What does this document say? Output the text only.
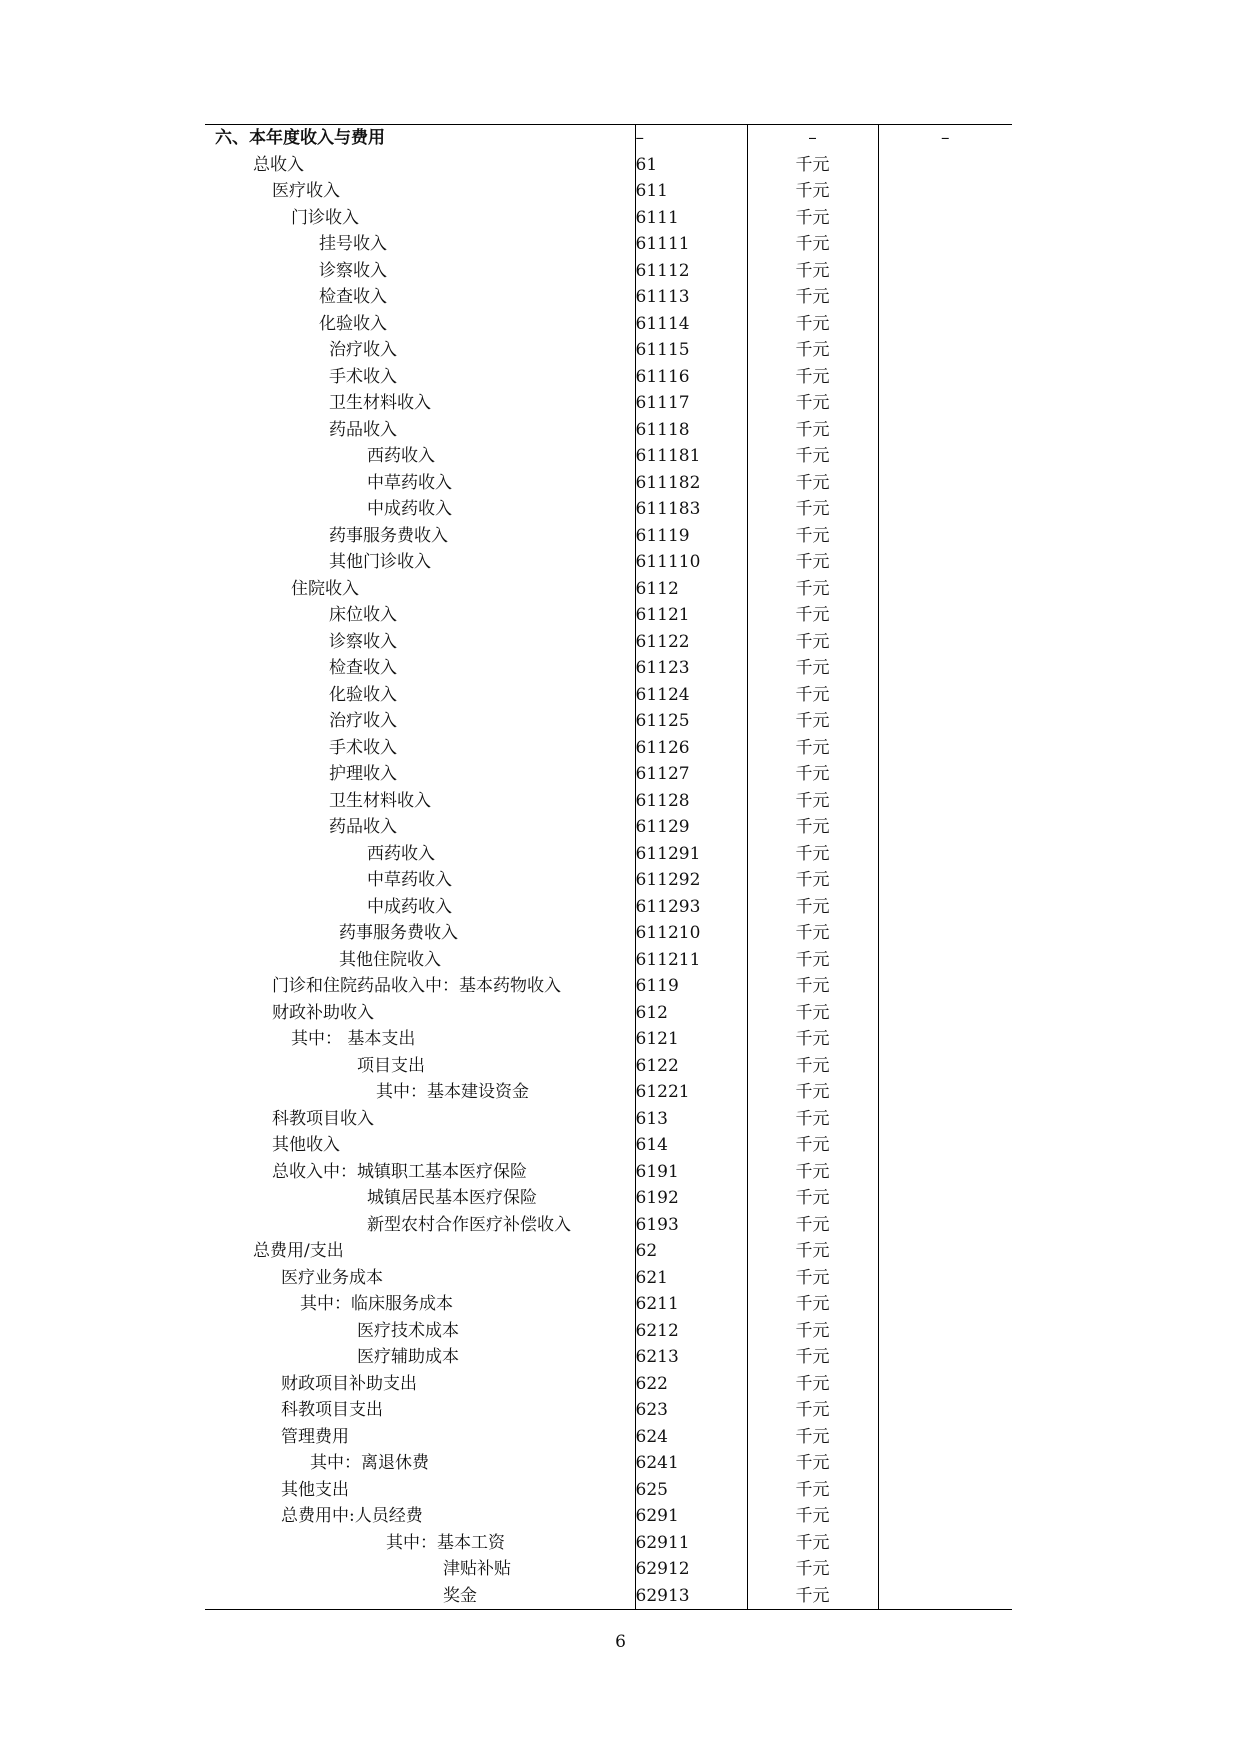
六、本年度收入与费用	–	–	–

总收入	61	千元	

医疗收入	611	千元	

门诊收入	6111	千元	

挂号收入	61111	千元	

诊察收入	61112	千元	

检查收入	61113	千元	

化验收入	61114	千元	

治疗收入	61115	千元	

手术收入	61116	千元	

卫生材料收入	61117	千元	

药品收入	61118	千元	

西药收入	611181	千元	

中草药收入	611182	千元	

中成药收入	611183	千元	

药事服务费收入	61119	千元	

其他门诊收入	611110	千元	

住院收入	6112	千元	

床位收入	61121	千元	

诊察收入	61122	千元	

检查收入	61123	千元	

化验收入	61124	千元	

治疗收入	61125	千元	

手术收入	61126	千元	

护理收入	61127	千元	

卫生材料收入	61128	千元	

药品收入	61129	千元	

西药收入	611291	千元	

中草药收入	611292	千元	

中成药收入	611293	千元	

药事服务费收入	611210	千元	

其他住院收入	611211	千元	

门诊和住院药品收入中：基本药物收入	6119	千元	

财政补助收入	612	千元	

其中： 基本支出	6121	千元	

项目支出	6122	千元	

其中：基本建设资金	61221	千元	

科教项目收入	613	千元	

其他收入	614	千元	

总收入中：城镇职工基本医疗保险	6191	千元	

城镇居民基本医疗保险	6192	千元	

新型农村合作医疗补偿收入	6193	千元	

总费用/支出	62	千元	

医疗业务成本	621	千元	

其中：临床服务成本	6211	千元	

医疗技术成本	6212	千元	

医疗辅助成本	6213	千元	

财政项目补助支出	622	千元	

科教项目支出	623	千元	

管理费用	624	千元	

其中：离退休费	6241	千元	

其他支出	625	千元	

总费用中:人员经费	6291	千元	

其中：基本工资	62911	千元	

津贴补贴	62912	千元	

奖金	62913	千元	
6
